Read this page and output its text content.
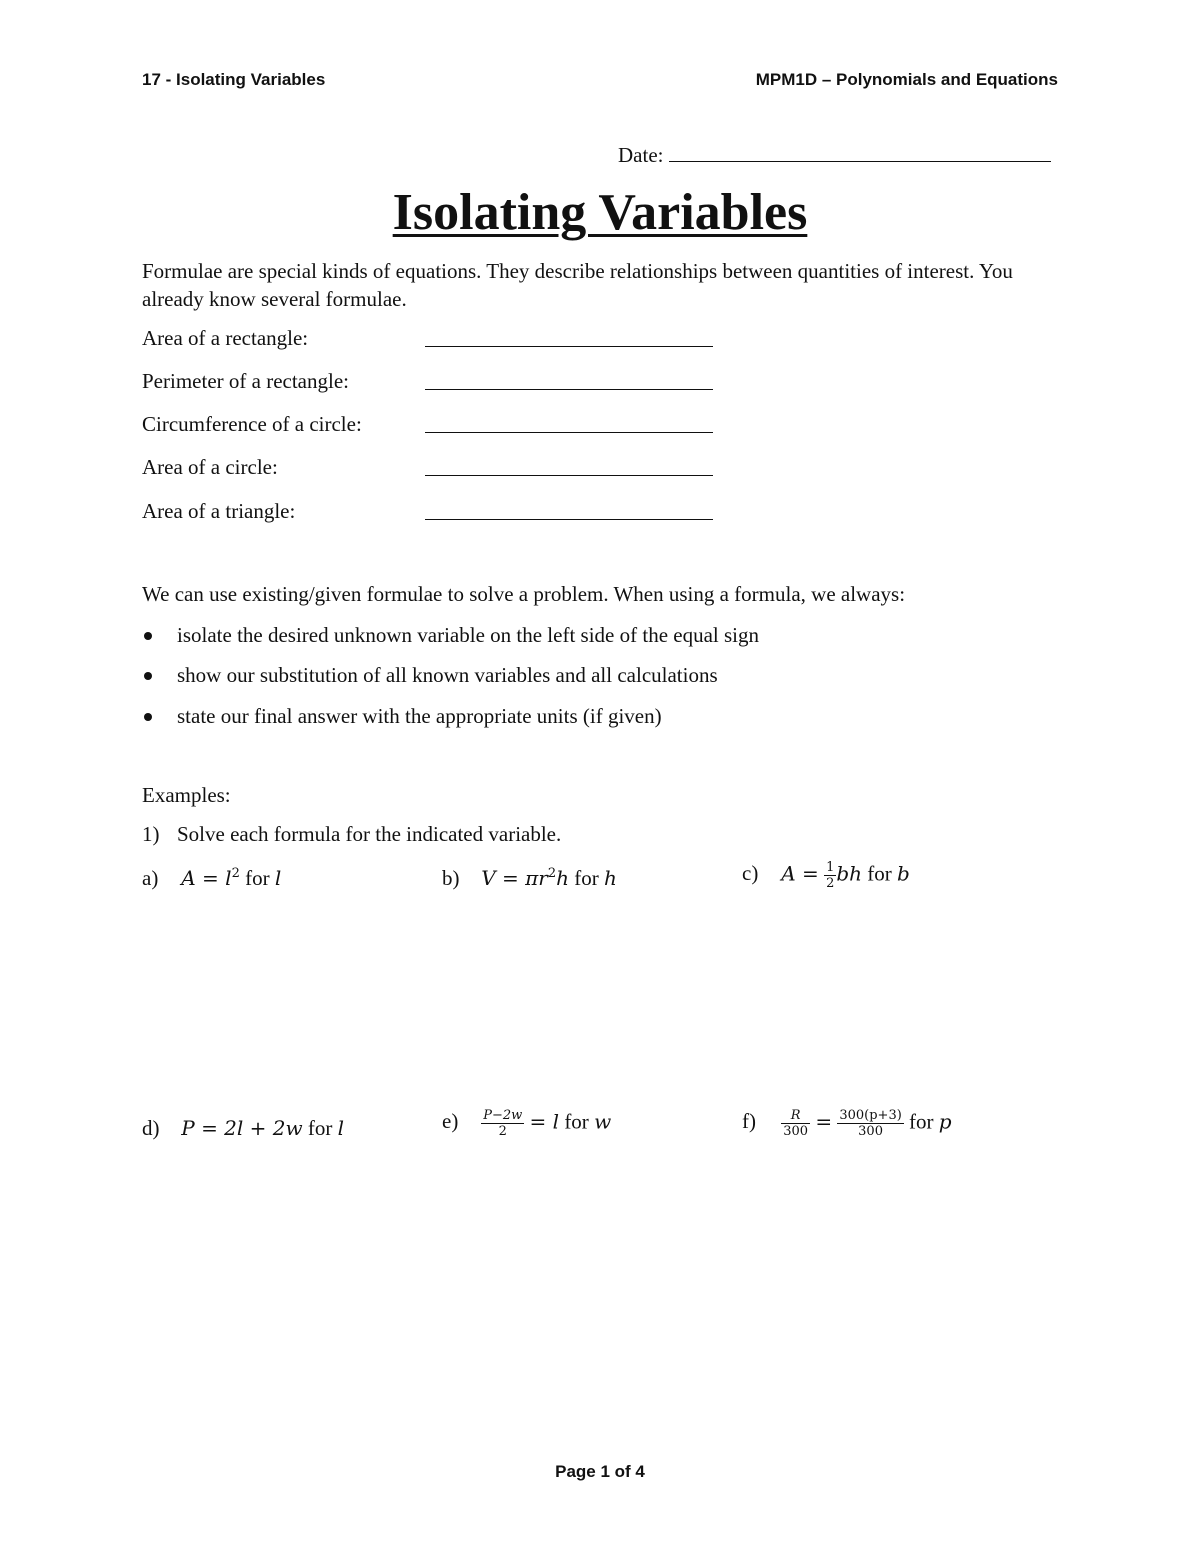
17 - Isolating Variables	MPM1D – Polynomials and Equations
Date:
Isolating Variables
Formulae are special kinds of equations. They describe relationships between quantities of interest. You already know several formulae.
Area of a rectangle:
Perimeter of a rectangle:
Circumference of a circle:
Area of a circle:
Area of a triangle:
We can use existing/given formulae to solve a problem. When using a formula, we always:
isolate the desired unknown variable on the left side of the equal sign
show our substitution of all known variables and all calculations
state our final answer with the appropriate units (if given)
Examples:
1) Solve each formula for the indicated variable.
a) $A = l^2$ for l	b) $V = \pi r^2h$ for h	c) $A = \frac{1}{2}$ bh for b
d) P = 2l + 2w for l	$e) \frac{P-2w}{2} = l$ for w	$f) \frac{R}{300} = \frac{300(p+3)}{300}$ for p
Page 1 of 4
